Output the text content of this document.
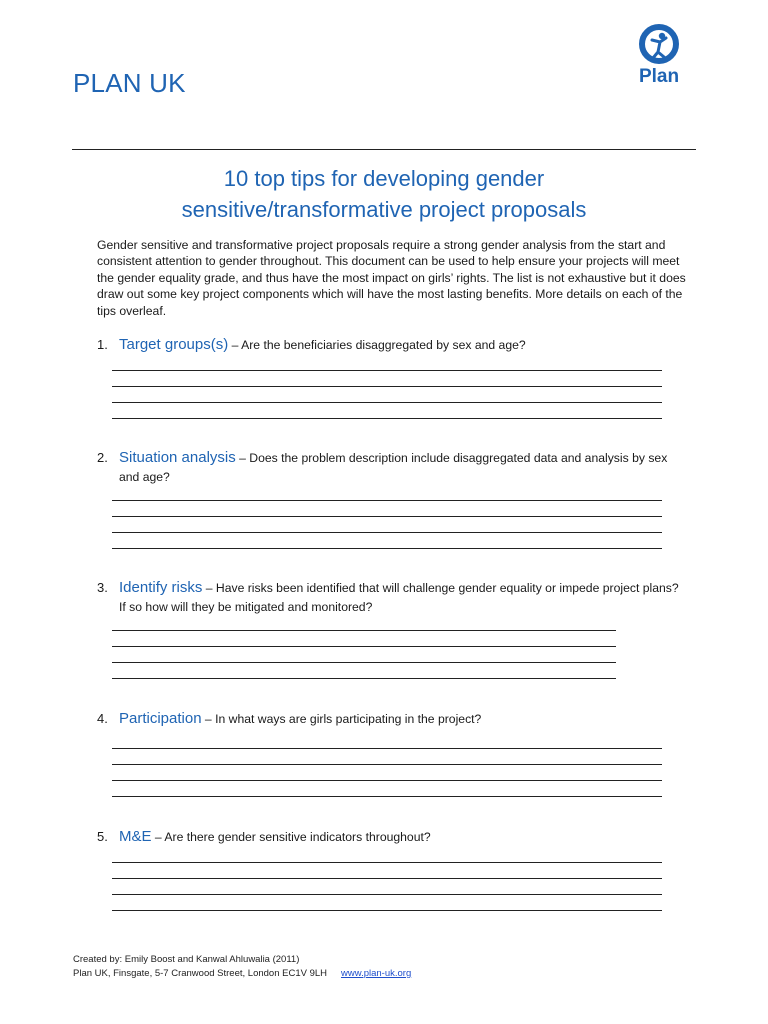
PLAN UK	Plan
10 top tips for developing gender
sensitive/transformative project proposals
Gender sensitive and transformative project proposals require a strong gender analysis from the start and consistent attention to gender throughout. This document can be used to help ensure your projects will meet the gender equality grade, and thus have the most impact on girls’ rights. The list is not exhaustive but it does draw out some key project components which will have the most lasting benefits. More details on each of the tips overleaf.
1. Target groups(s) – Are the beneficiaries disaggregated by sex and age?
2. Situation analysis – Does the problem description include disaggregated data and analysis by sex and age?
3. Identify risks – Have risks been identified that will challenge gender equality or impede project plans? If so how will they be mitigated and monitored?
4. Participation – In what ways are girls participating in the project?
5. M&E – Are there gender sensitive indicators throughout?
Created by: Emily Boost and Kanwal Ahluwalia (2011)
Plan UK, Finsgate, 5-7 Cranwood Street, London EC1V 9LH www.plan-uk.org
